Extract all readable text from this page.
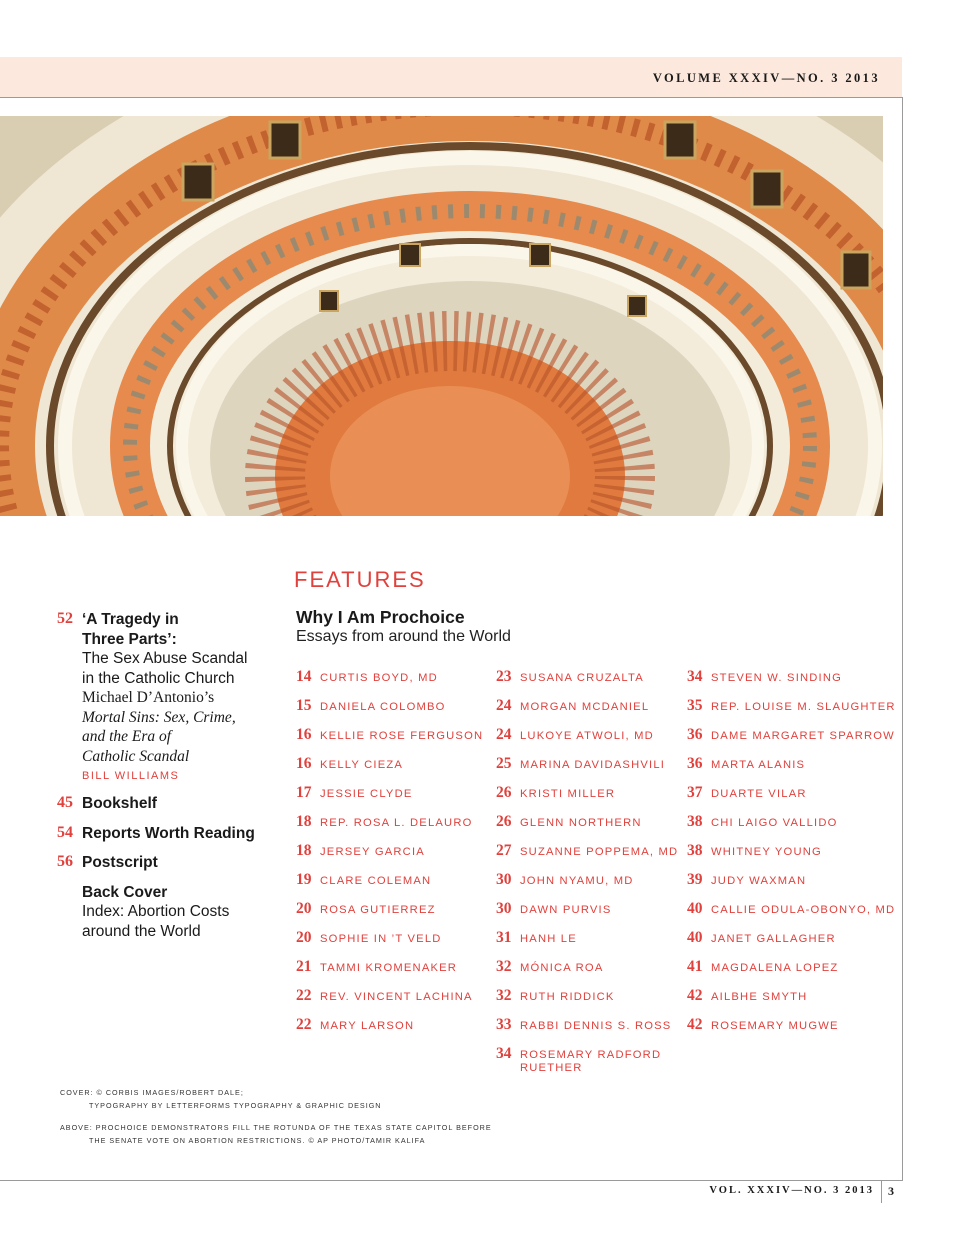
VOLUME XXXIV—NO. 3 2013
FEATURES
Why I Am Prochoice
Essays from around the World
52 ‘A Tragedy in
Three Parts’:
The Sex Abuse Scandal
in the Catholic Church
Michael D’Antonio’s
Mortal Sins: Sex, Crime,
and the Era of
Catholic Scandal
BILL WILLIAMS
45 Bookshelf
54 Reports Worth Reading
56 Postscript
Back Cover
Index: Abortion Costs
around the World
14 CURTIS BOYD, MD
15 DANIELA COLOMBO
16 KELLIE ROSE FERGUSON
16 KELLY CIEZA
17 JESSIE CLYDE
18 REP. ROSA L. DELAURO
18 JERSEY GARCIA
19 CLARE COLEMAN
20 ROSA GUTIERREZ
20 SOPHIE IN ’T VELD
21 TAMMI KROMENAKER
22 REV. VINCENT LACHINA
22 MARY LARSON
23 SUSANA CRUZALTA
24 MORGAN MCDANIEL
24 LUKOYE ATWOLI, MD
25 MARINA DAVIDASHVILI
26 KRISTI MILLER
26 GLENN NORTHERN
27 SUZANNE POPPEMA, MD
30 JOHN NYAMU, MD
30 DAWN PURVIS
31 HANH LE
32 MÓNICA ROA
32 RUTH RIDDICK
33 RABBI DENNIS S. ROSS
34 ROSEMARY RADFORD
RUETHER
34 STEVEN W. SINDING
35 REP. LOUISE M. SLAUGHTER
36 DAME MARGARET SPARROW
36 MARTA ALANIS
37 DUARTE VILAR
38 CHI LAIGO VALLIDO
38 WHITNEY YOUNG
39 JUDY WAXMAN
40 CALLIE ODULA-OBONYO, MD
40 JANET GALLAGHER
41 MAGDALENA LOPEZ
42 AILBHE SMYTH
42 ROSEMARY MUGWE
COVER: © CORBIS IMAGES/ROBERT DALE;
TYPOGRAPHY BY LETTERFORMS TYPOGRAPHY & GRAPHIC DESIGN
ABOVE: PROCHOICE DEMONSTRATORS FILL THE ROTUNDA OF THE TEXAS STATE CAPITOL BEFORE
THE SENATE VOTE ON ABORTION RESTRICTIONS. © AP PHOTO/TAMIR KALIFA
VOL. XXXIV—NO. 3 2013 3
